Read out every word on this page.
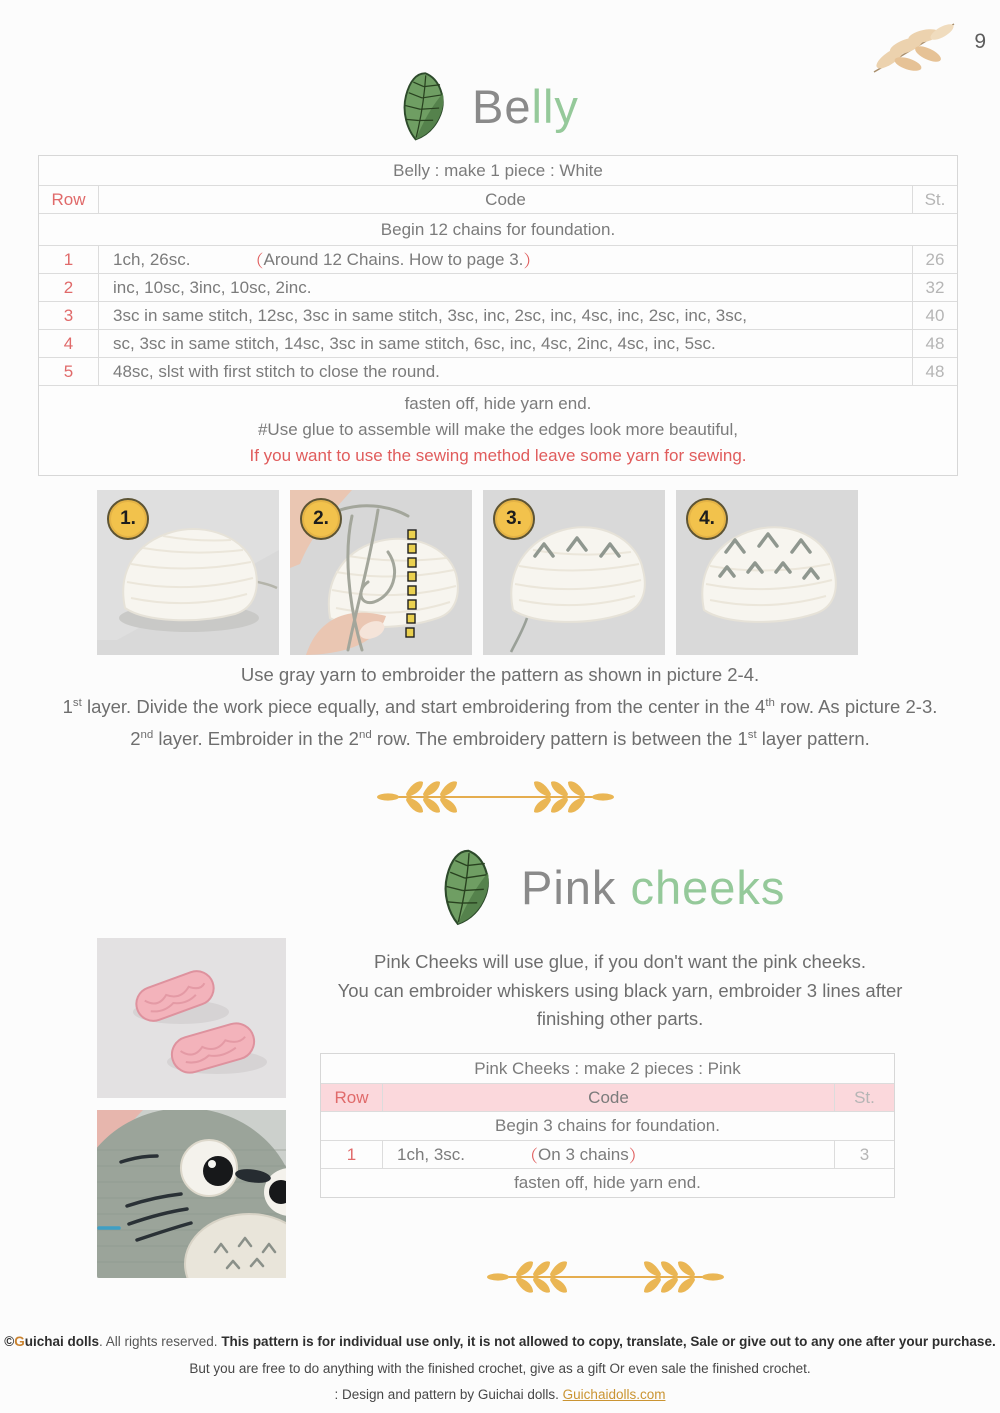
9
Belly
Belly : make 1 piece : White
Row	Code	St.
Begin 12 chains for foundation.
1	1ch, 26sc.	（ Around 12 Chains. How to page 3. ）	26
2	inc, 10sc, 3inc, 10sc, 2inc.	32
3	3sc in same stitch, 12sc, 3sc in same stitch, 3sc, inc, 2sc, inc, 4sc, inc, 2sc, inc, 3sc,	40
4	sc, 3sc in same stitch, 14sc, 3sc in same stitch, 6sc, inc, 4sc, 2inc, 4sc, inc, 5sc.	48
5	48sc, slst with first stitch to close the round.	48
fasten off, hide yarn end.
#Use glue to assemble will make the edges look more beautiful,
If you want to use the sewing method leave some yarn for sewing.
1.	2.	3.	4.
Use gray yarn to embroider the pattern as shown in picture 2-4.
1st layer. Divide the work piece equally, and start embroidering from the center in the 4th row. As picture 2-3.
2nd layer. Embroider in the 2nd row. The embroidery pattern is between the 1st layer pattern.
Pink cheeks
Pink Cheeks will use glue, if you don't want the pink cheeks.
You can embroider whiskers using black yarn, embroider 3 lines after
finishing other parts.
Pink Cheeks : make 2 pieces : Pink
Row	Code	St.
Begin 3 chains for foundation.
1	1ch, 3sc.	（ On 3 chains ）	3
fasten off, hide yarn end.
©Guichai dolls. All rights reserved. This pattern is for individual use only, it is not allowed to copy, translate, Sale or give out to any one after your purchase.
But you are free to do anything with the finished crochet, give as a gift Or even sale the finished crochet.
: Design and pattern by Guichai dolls. Guichaidolls.com
